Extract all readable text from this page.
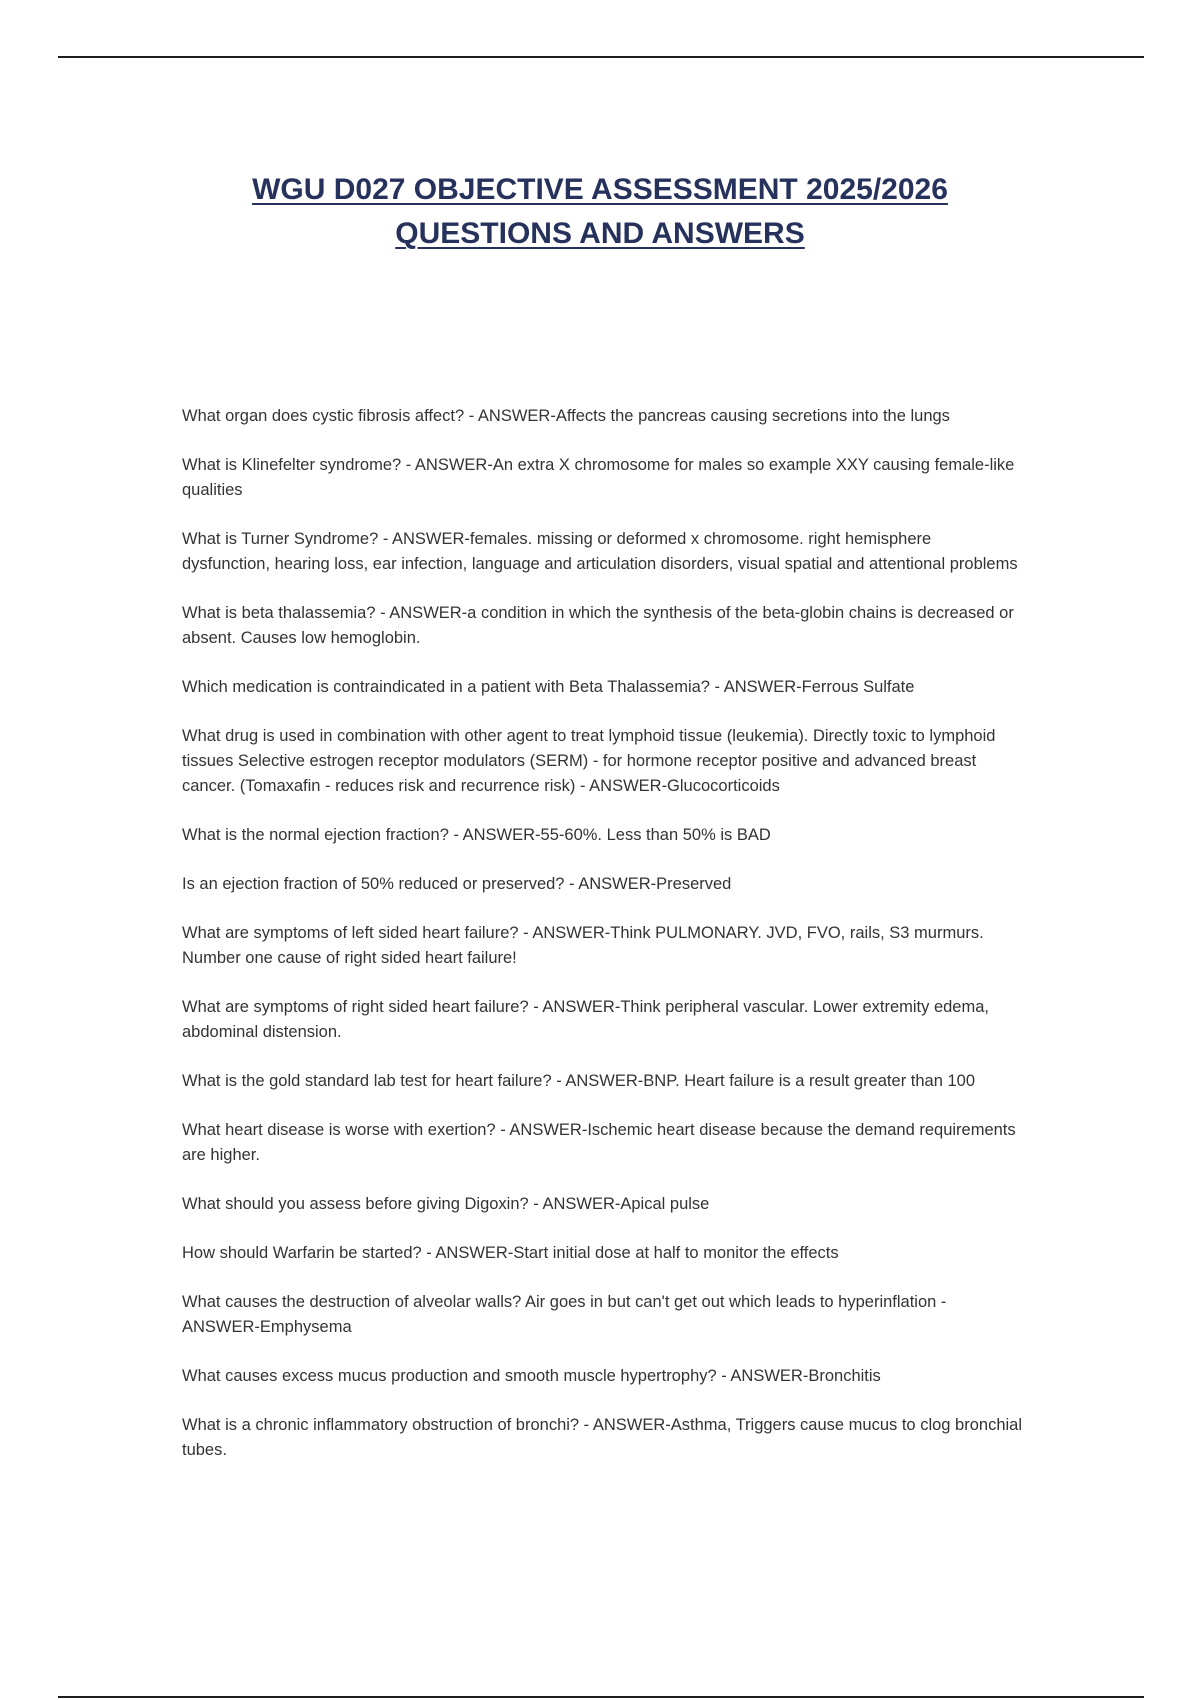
WGU D027 OBJECTIVE ASSESSMENT 2025/2026
QUESTIONS AND ANSWERS
What organ does cystic fibrosis affect? - ANSWER-Affects the pancreas causing secretions into the lungs
What is Klinefelter syndrome? - ANSWER-An extra X chromosome for males so example XXY causing female-like qualities
What is Turner Syndrome? - ANSWER-females. missing or deformed x chromosome. right hemisphere dysfunction, hearing loss, ear infection, language and articulation disorders, visual spatial and attentional problems
What is beta thalassemia? - ANSWER-a condition in which the synthesis of the beta-globin chains is decreased or absent. Causes low hemoglobin.
Which medication is contraindicated in a patient with Beta Thalassemia? - ANSWER-Ferrous Sulfate
What drug is used in combination with other agent to treat lymphoid tissue (leukemia). Directly toxic to lymphoid tissues Selective estrogen receptor modulators (SERM) - for hormone receptor positive and advanced breast cancer. (Tomaxafin - reduces risk and recurrence risk) - ANSWER-Glucocorticoids
What is the normal ejection fraction? - ANSWER-55-60%. Less than 50% is BAD
Is an ejection fraction of 50% reduced or preserved? - ANSWER-Preserved
What are symptoms of left sided heart failure? - ANSWER-Think PULMONARY. JVD, FVO, rails, S3 murmurs. Number one cause of right sided heart failure!
What are symptoms of right sided heart failure? - ANSWER-Think peripheral vascular. Lower extremity edema, abdominal distension.
What is the gold standard lab test for heart failure? - ANSWER-BNP. Heart failure is a result greater than 100
What heart disease is worse with exertion? - ANSWER-Ischemic heart disease because the demand requirements are higher.
What should you assess before giving Digoxin? - ANSWER-Apical pulse
How should Warfarin be started? - ANSWER-Start initial dose at half to monitor the effects
What causes the destruction of alveolar walls? Air goes in but can't get out which leads to hyperinflation - ANSWER-Emphysema
What causes excess mucus production and smooth muscle hypertrophy? - ANSWER-Bronchitis
What is a chronic inflammatory obstruction of bronchi? - ANSWER-Asthma, Triggers cause mucus to clog bronchial tubes.
